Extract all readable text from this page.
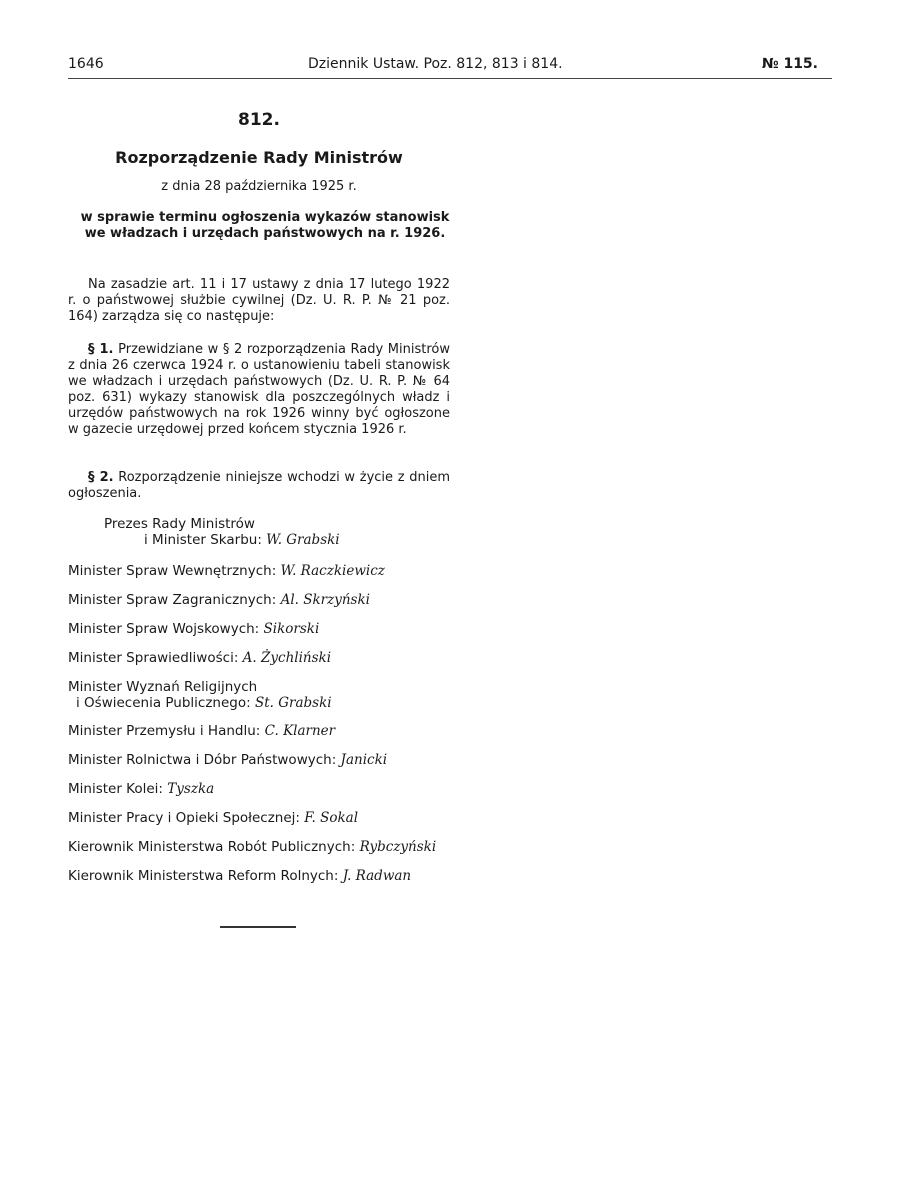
1646	Dziennik Ustaw. Poz. 812, 813 i 814.	№ 115.
812.
Rozporządzenie Rady Ministrów
z dnia 28 października 1925 r.
w sprawie terminu ogłoszenia wykazów stanowisk we władzach i urzędach państwowych na r. 1926.

Na zasadzie art. 11 i 17 ustawy z dnia 17 lutego 1922 r. o państwowej służbie cywilnej (Dz. U. R. P. № 21 poz. 164) zarządza się co następuje:

§ 1. Przewidziane w § 2 rozporządzenia Rady Ministrów z dnia 26 czerwca 1924 r. o ustanowieniu tabeli stanowisk we władzach i urzędach państwowych (Dz. U. R. P. № 64 poz. 631) wykazy stanowisk dla poszczególnych władz i urzędów państwowych na rok 1926 winny być ogłoszone w gazecie urzędowej przed końcem stycznia 1926 r.

§ 2. Rozporządzenie niniejsze wchodzi w życie z dniem ogłoszenia.

Prezes Rady Ministrów
i Minister Skarbu: W. Grabski
Minister Spraw Wewnętrznych: W. Raczkiewicz
Minister Spraw Zagranicznych: Al. Skrzyński
Minister Spraw Wojskowych: Sikorski
Minister Sprawiedliwości: A. Żychliński
Minister Wyznań Religijnych
i Oświecenia Publicznego: St. Grabski
Minister Przemysłu i Handlu: C. Klarner
Minister Rolnictwa i Dóbr Państwowych: Janicki
Minister Kolei: Tyszka
Minister Pracy i Opieki Społecznej: F. Sokal
Kierownik Ministerstwa Robót Publicznych: Rybczyński
Kierownik Ministerstwa Reform Rolnych: J. Radwan
